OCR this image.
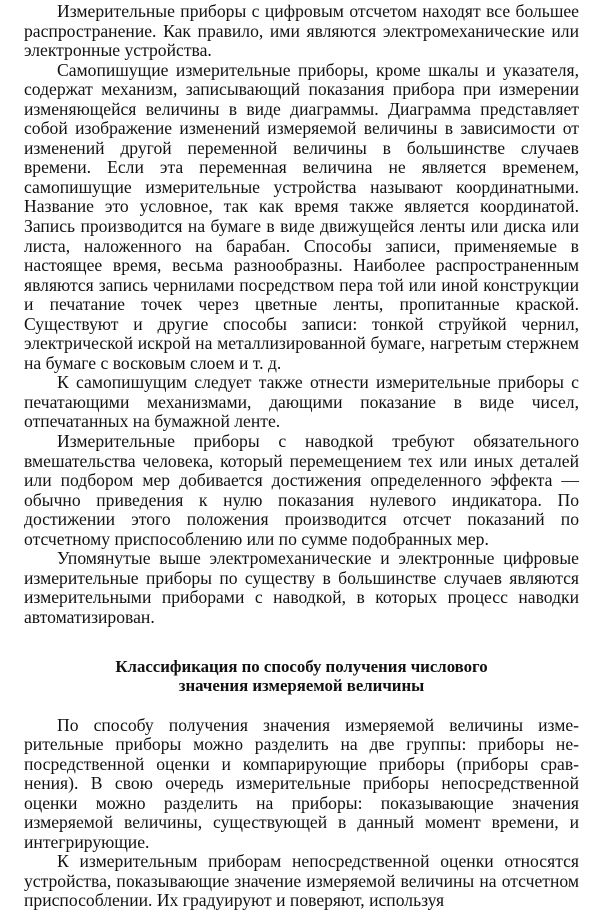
Измерительные приборы с цифровым отсчетом находят все большее распространение. Как правило, ими являются электромеханические или электронные устройства.

Самопишущие измерительные приборы, кроме шкалы и указателя, содержат механизм, записывающий показания прибора при измерении изменяющейся величины в виде диаграммы. Диаграмма представляет собой изображение изменений измеряемой величины в зависимости от изменений другой переменной величины в большинстве случаев времени. Если эта переменная величина не является временем, самопишущие измерительные устройства называют координатными. Название это условное, так как время также является координатой. Запись производится на бумаге в виде движущейся ленты или диска или листа, наложенного на барабан. Способы записи, применяемые в настоящее время, весьма разнообразны. Наиболее распространенным являются запись чернилами посредством пера той или иной конструкции и печатание точек через цветные ленты, пропитанные краской. Существуют и другие способы записи: тонкой струйкой чернил, электрической искрой на металлизированной бумаге, нагретым стержнем на бумаге с восковым слоем и т. д.

К самопишущим следует также отнести измерительные приборы с печатающими механизмами, дающими показание в виде чисел, отпечатанных на бумажной ленте.

Измерительные приборы с наводкой требуют обязательного вмешательства человека, который перемещением тех или иных деталей или подбором мер добивается достижения определенного эффекта — обычно приведения к нулю показания нулевого индикатора. По достижении этого положения производится отсчет показаний по отсчетному приспособлению или по сумме подобранных мер.

Упомянутые выше электромеханические и электронные цифровые измерительные приборы по существу в большинстве случаев являются измерительными приборами с наводкой, в которых процесс наводки автоматизирован.

Классификация по способу получения числового
значения измеряемой величины

По способу получения значения измеряемой величины измерительные приборы можно разделить на две группы: приборы непосредственной оценки и компарирующие приборы (приборы сравнения). В свою очередь измерительные приборы непосредственной оценки можно разделить на приборы: показывающие значения измеряемой величины, существующей в данный момент времени, и интегрирующие.

К измерительным приборам непосредственной оценки относятся устройства, показывающие значение измеряемой величины на отсчетном приспособлении. Их градуируют и поверяют, используя
